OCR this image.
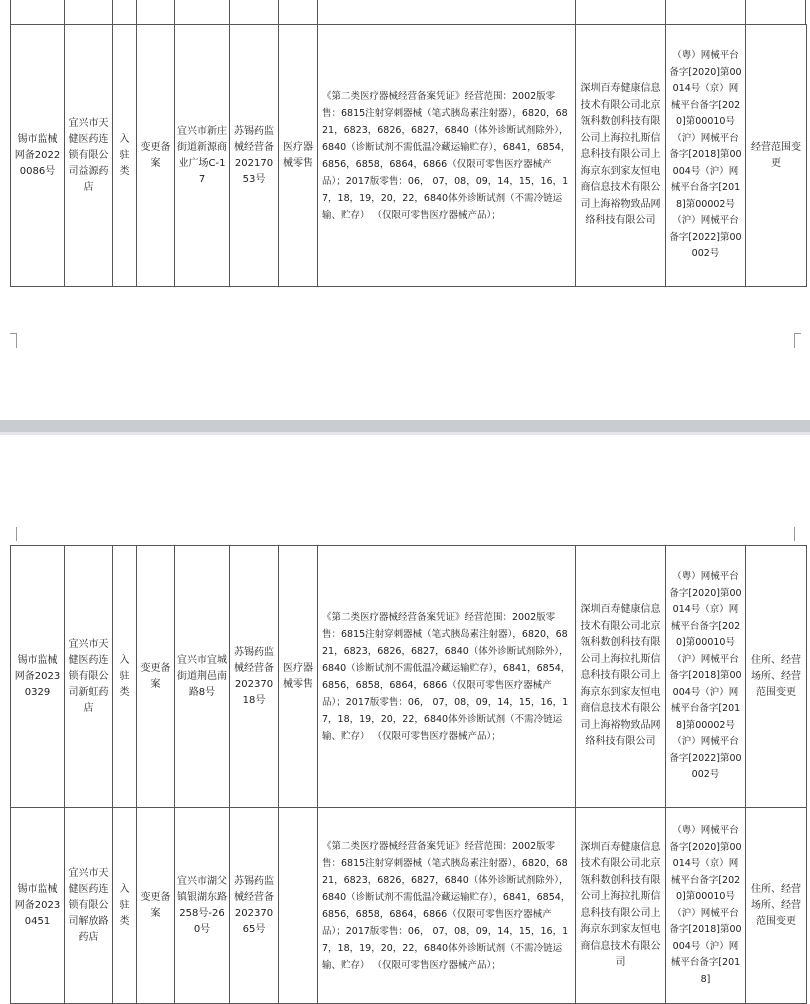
锡市监械网备20220086号	宜兴市天健医药连锁有限公司益源药店	入驻类	变更备案	宜兴市新庄街道新源商业广场C-17	苏锡药监械经营备20217053号	医疗器械零售	《第二类医疗器械经营备案凭证》经营范围：2002版零售：6815注射穿刺器械（笔式胰岛素注射器），6820，6821，6823，6826，6827，6840（体外诊断试剂除外），6840（诊断试剂不需低温冷藏运输贮存），6841，6854，6856，6858，6864，6866（仅限可零售医疗器械产品）；2017版零售：06， 07，08，09，14，15，16，17，18，19，20，22，6840体外诊断试剂（不需冷链运输、贮存） （仅限可零售医疗器械产品）；	深圳百寿健康信息技术有限公司北京瓴科数创科技有限公司上海拉扎斯信息科技有限公司上海京东到家友恒电商信息技术有限公司上海裕物致品网络科技有限公司	（粤）网械平台备字[2020]第00014号（京）网械平台备字[2020]第00010号（沪）网械平台备字[2018]第00004号（沪）网械平台备字[2018]第00002号（沪）网械平台备字[2022]第00002号	经营范围变更
锡市监械网备20230329	宜兴市天健医药连锁有限公司新虹药店	入驻类	变更备案	宜兴市宜城街道荆邑南路8号	苏锡药监械经营备20237018号	医疗器械零售	《第二类医疗器械经营备案凭证》经营范围：2002版零售：6815注射穿刺器械（笔式胰岛素注射器），6820，6821，6823，6826，6827，6840（体外诊断试剂除外），6840（诊断试剂不需低温冷藏运输贮存），6841，6854，6856，6858，6864，6866（仅限可零售医疗器械产品）；2017版零售：06， 07，08，09，14，15，16，17，18，19，20，22，6840体外诊断试剂（不需冷链运输、贮存） （仅限可零售医疗器械产品）；	深圳百寿健康信息技术有限公司北京瓴科数创科技有限公司上海拉扎斯信息科技有限公司上海京东到家友恒电商信息技术有限公司上海裕物致品网络科技有限公司	（粤）网械平台备字[2020]第00014号（京）网械平台备字[2020]第00010号（沪）网械平台备字[2018]第00004号（沪）网械平台备字[2018]第00002号（沪）网械平台备字[2022]第00002号	住所、经营场所、经营范围变更
锡市监械网备20230451	宜兴市天健医药连锁有限公司解放路药店	入驻类	变更备案	宜兴市湖父镇银湖东路258号-260号	苏锡药监械经营备20237065号		《第二类医疗器械经营备案凭证》经营范围：2002版零售：6815注射穿刺器械（笔式胰岛素注射器），6820，6821，6823，6826，6827，6840（体外诊断试剂除外），6840（诊断试剂不需低温冷藏运输贮存），6841，6854，6856，6858，6864，6866（仅限可零售医疗器械产品）；2017版零售：06， 07，08，09，14，15，16，17，18，19，20，22，6840体外诊断试剂（不需冷链运输、贮存） （仅限可零售医疗器械产品）；	深圳百寿健康信息技术有限公司北京瓴科数创科技有限公司上海拉扎斯信息科技有限公司上海京东到家友恒电商信息技术有限公司	（粤）网械平台备字[2020]第00014号（京）网械平台备字[2020]第00010号（沪）网械平台备字[2018]第00004号（沪）网械平台备字[2018]	住所、经营场所、经营范围变更
